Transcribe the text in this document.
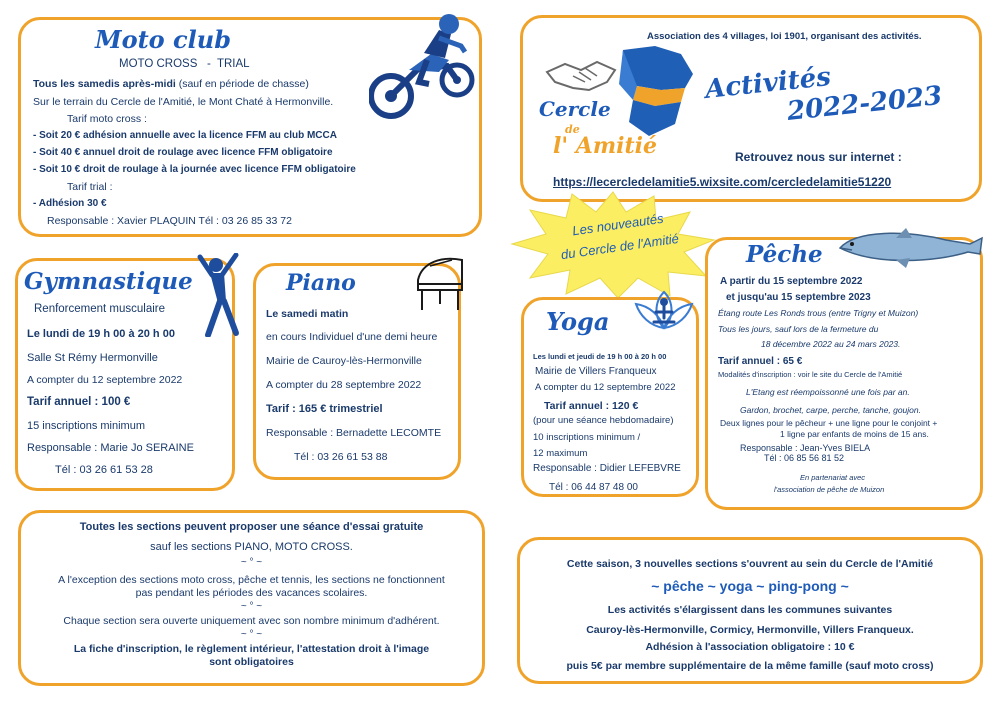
Moto club
MOTO CROSS   -  TRIAL
Tous les samedis après-midi (sauf en période de chasse)
Sur le terrain du Cercle de l'Amitié, le Mont Chaté à Hermonville.
Tarif moto cross :
- Soit 20 € adhésion annuelle avec la licence FFM au club MCCA
- Soit 40 € annuel droit de roulage avec licence FFM obligatoire
- Soit 10 € droit de roulage à la journée avec licence FFM obligatoire
Tarif trial :
- Adhésion 30 €
Responsable : Xavier PLAQUIN Tél : 03 26 85 33 72
Association des 4 villages, loi 1901, organisant des activités.
Cercle
de
l' Amitié
Activités
2022-2023
Retrouvez nous sur internet :
https://lecercledelamitie5.wixsite.com/cercledelamitie51220
Les nouveautés
du Cercle de l'Amitié
Gymnastique
Renforcement musculaire
Le lundi de 19 h 00 à 20 h 00
Salle St Rémy Hermonville
A compter du 12 septembre 2022
Tarif annuel : 100 €
15 inscriptions minimum
Responsable : Marie Jo SERAINE
Tél : 03 26 61 53 28
Piano
Le samedi matin
en cours Individuel d'une demi heure
Mairie de Cauroy-lès-Hermonville
A compter du 28 septembre 2022
Tarif : 165 € trimestriel
Responsable : Bernadette LECOMTE
Tél : 03 26 61 53 88
Yoga
Les lundi et jeudi de 19 h 00 à 20 h 00
Mairie de Villers Franqueux
A compter du 12 septembre 2022
Tarif annuel : 120 €
(pour une séance hebdomadaire)
10 inscriptions minimum /
12 maximum
Responsable : Didier LEFEBVRE
Tél : 06 44 87 48 00
Pêche
A partir du 15 septembre 2022
et jusqu'au 15 septembre 2023
Étang route Les Ronds trous (entre Trigny et Muizon)
Tous les jours, sauf lors de la fermeture du
18 décembre 2022 au 24 mars 2023.
Tarif annuel : 65 €
Modalités d'inscription : voir le site du Cercle de l'Amitié
L'Etang est réempoissonné une fois par an.
Gardon, brochet, carpe, perche, tanche, goujon.
Deux lignes pour le pêcheur + une ligne pour le conjoint +
1 ligne par enfants de moins de 15 ans.
Responsable : Jean-Yves BIELA
Tél : 06 85 56 81 52
En partenariat avec
l'association de pêche de Muizon
Toutes les sections peuvent proposer une séance d'essai gratuite
sauf les sections PIANO, MOTO CROSS.
~ ° ~
A l'exception des sections moto cross, pêche et tennis, les sections ne fonctionnent
pas pendant les périodes des vacances scolaires.
~ ° ~
Chaque section sera ouverte uniquement avec son nombre minimum d'adhérent.
~ ° ~
La fiche d'inscription, le règlement intérieur, l'attestation droit à l'image
sont obligatoires
Cette saison, 3 nouvelles sections s'ouvrent au sein du Cercle de l'Amitié
~ pêche ~ yoga ~ ping-pong ~
Les activités s'élargissent dans les communes suivantes
Cauroy-lès-Hermonville, Cormicy, Hermonville, Villers Franqueux.
Adhésion à l'association obligatoire : 10 €
puis 5€ par membre supplémentaire de la même famille (sauf moto cross)
